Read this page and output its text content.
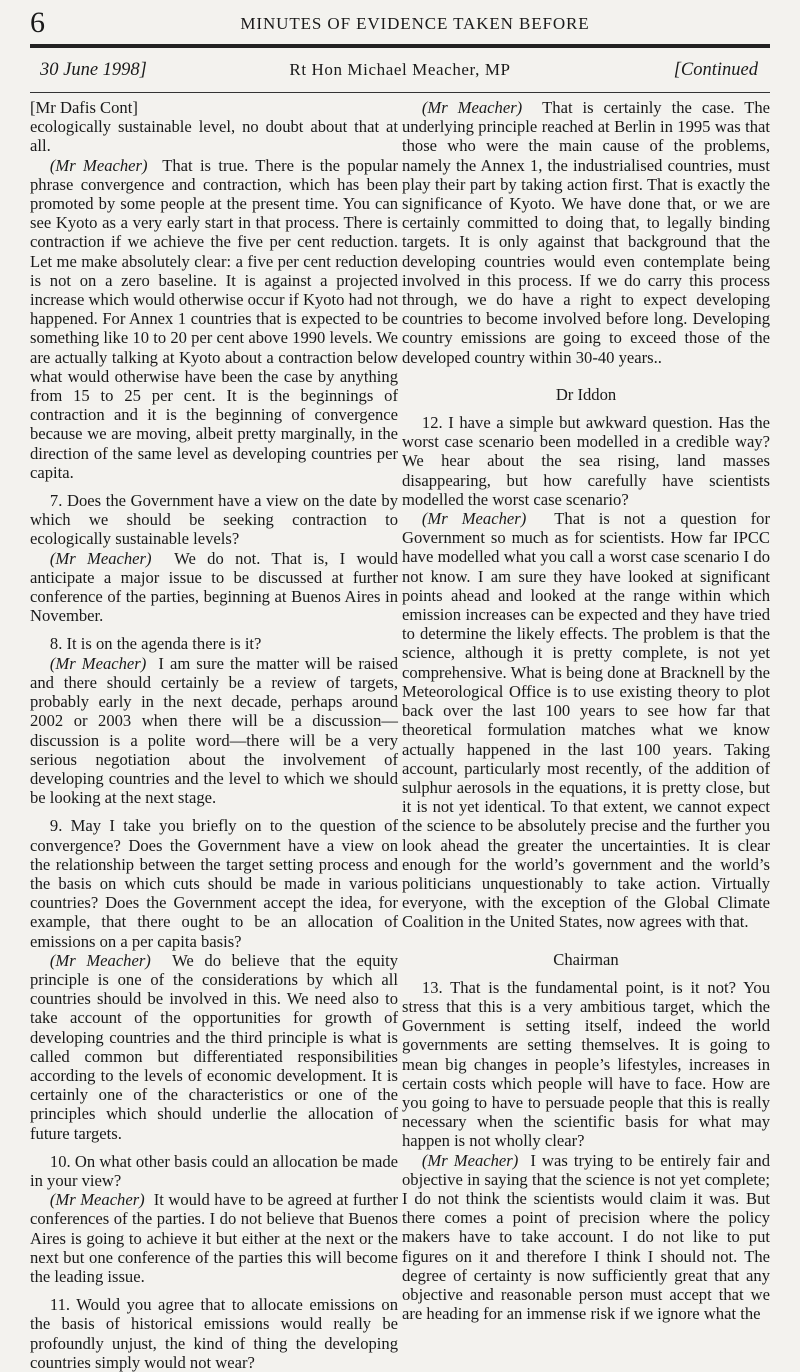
6	MINUTES OF EVIDENCE TAKEN BEFORE
30 June 1998]	Rt Hon Michael Meacher, MP	[Continued

[Mr Dafis Cont]

ecologically sustainable level, no doubt about that at all.

(Mr Meacher) That is true. There is the popular phrase convergence and contraction, which has been promoted by some people at the present time. You can see Kyoto as a very early start in that process. There is contraction if we achieve the five per cent reduction. Let me make absolutely clear: a five per cent reduction is not on a zero baseline. It is against a projected increase which would otherwise occur if Kyoto had not happened. For Annex 1 countries that is expected to be something like 10 to 20 per cent above 1990 levels. We are actually talking at Kyoto about a contraction below what would otherwise have been the case by anything from 15 to 25 per cent. It is the beginnings of contraction and it is the beginning of convergence because we are moving, albeit pretty marginally, in the direction of the same level as developing countries per capita.

7. Does the Government have a view on the date by which we should be seeking contraction to ecologically sustainable levels?

(Mr Meacher) We do not. That is, I would anticipate a major issue to be discussed at further conference of the parties, beginning at Buenos Aires in November.

8. It is on the agenda there is it?

(Mr Meacher) I am sure the matter will be raised and there should certainly be a review of targets, probably early in the next decade, perhaps around 2002 or 2003 when there will be a discussion—discussion is a polite word—there will be a very serious negotiation about the involvement of developing countries and the level to which we should be looking at the next stage.

9. May I take you briefly on to the question of convergence? Does the Government have a view on the relationship between the target setting process and the basis on which cuts should be made in various countries? Does the Government accept the idea, for example, that there ought to be an allocation of emissions on a per capita basis?

(Mr Meacher) We do believe that the equity principle is one of the considerations by which all countries should be involved in this. We need also to take account of the opportunities for growth of developing countries and the third principle is what is called common but differentiated responsibilities according to the levels of economic development. It is certainly one of the characteristics or one of the principles which should underlie the allocation of future targets.

10. On what other basis could an allocation be made in your view?

(Mr Meacher) It would have to be agreed at further conferences of the parties. I do not believe that Buenos Aires is going to achieve it but either at the next or the next but one conference of the parties this will become the leading issue.

11. Would you agree that to allocate emissions on the basis of historical emissions would really be profoundly unjust, the kind of thing the developing countries simply would not wear?

(Mr Meacher) That is certainly the case. The underlying principle reached at Berlin in 1995 was that those who were the main cause of the problems, namely the Annex 1, the industrialised countries, must play their part by taking action first. That is exactly the significance of Kyoto. We have done that, or we are certainly committed to doing that, to legally binding targets. It is only against that background that the developing countries would even contemplate being involved in this process. If we do carry this process through, we do have a right to expect developing countries to become involved before long. Developing country emissions are going to exceed those of the developed country within 30-40 years..

Dr Iddon

12. I have a simple but awkward question. Has the worst case scenario been modelled in a credible way? We hear about the sea rising, land masses disappearing, but how carefully have scientists modelled the worst case scenario?

(Mr Meacher) That is not a question for Government so much as for scientists. How far IPCC have modelled what you call a worst case scenario I do not know. I am sure they have looked at significant points ahead and looked at the range within which emission increases can be expected and they have tried to determine the likely effects. The problem is that the science, although it is pretty complete, is not yet comprehensive. What is being done at Bracknell by the Meteorological Office is to use existing theory to plot back over the last 100 years to see how far that theoretical formulation matches what we know actually happened in the last 100 years. Taking account, particularly most recently, of the addition of sulphur aerosols in the equations, it is pretty close, but it is not yet identical. To that extent, we cannot expect the science to be absolutely precise and the further you look ahead the greater the uncertainties. It is clear enough for the world’s government and the world’s politicians unquestionably to take action. Virtually everyone, with the exception of the Global Climate Coalition in the United States, now agrees with that.

Chairman

13. That is the fundamental point, is it not? You stress that this is a very ambitious target, which the Government is setting itself, indeed the world governments are setting themselves. It is going to mean big changes in people’s lifestyles, increases in certain costs which people will have to face. How are you going to have to persuade people that this is really necessary when the scientific basis for what may happen is not wholly clear?

(Mr Meacher) I was trying to be entirely fair and objective in saying that the science is not yet complete; I do not think the scientists would claim it was. But there comes a point of precision where the policy makers have to take account. I do not like to put figures on it and therefore I think I should not. The degree of certainty is now sufficiently great that any objective and reasonable person must accept that we are heading for an immense risk if we ignore what the
